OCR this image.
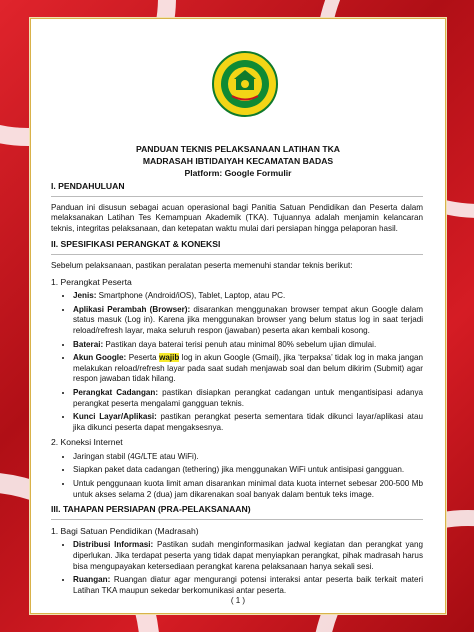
PANDUAN TEKNIS PELAKSANAAN LATIHAN TKA
MADRASAH IBTIDAIYAH KECAMATAN BADAS
Platform: Google Formulir
I. PENDAHULUAN
Panduan ini disusun sebagai acuan operasional bagi Panitia Satuan Pendidikan dan Peserta dalam melaksanakan Latihan Tes Kemampuan Akademik (TKA). Tujuannya adalah menjamin kelancaran teknis, integritas pelaksanaan, dan ketepatan waktu mulai dari persiapan hingga pelaporan hasil.
II. SPESIFIKASI PERANGKAT & KONEKSI
Sebelum pelaksanaan, pastikan peralatan peserta memenuhi standar teknis berikut:
1. Perangkat Peserta
• Jenis: Smartphone (Android/iOS), Tablet, Laptop, atau PC.
• Aplikasi Perambah (Browser): disarankan menggunakan browser tempat akun Google dalam status masuk (Log in). Karena jika menggunakan browser yang belum status log in saat terjadi reload/refresh layar, maka seluruh respon (jawaban) peserta akan kembali kosong.
• Baterai: Pastikan daya baterai terisi penuh atau minimal 80% sebelum ujian dimulai.
• Akun Google: Peserta wajib log in akun Google (Gmail), jika ‘terpaksa’ tidak log in maka jangan melakukan reload/refresh layar pada saat sudah menjawab soal dan belum dikirim (Submit) agar respon jawaban tidak hilang.
• Perangkat Cadangan: pastikan disiapkan perangkat cadangan untuk mengantisipasi adanya perangkat peserta mengalami gangguan teknis.
• Kunci Layar/Aplikasi: pastikan perangkat peserta sementara tidak dikunci layar/aplikasi atau jika dikunci peserta dapat mengaksesnya.
2. Koneksi Internet
• Jaringan stabil (4G/LTE atau WiFi).
• Siapkan paket data cadangan (tethering) jika menggunakan WiFi untuk antisipasi gangguan.
• Untuk penggunaan kuota limit aman disarankan minimal data kuota internet sebesar 200-500 Mb untuk akses selama 2 (dua) jam dikarenakan soal banyak dalam bentuk teks image.
III. TAHAPAN PERSIAPAN (PRA-PELAKSANAAN)
1. Bagi Satuan Pendidikan (Madrasah)
• Distribusi Informasi: Pastikan sudah menginformasikan jadwal kegiatan dan perangkat yang diperlukan. Jika terdapat peserta yang tidak dapat menyiapkan perangkat, pihak madrasah harus bisa mengupayakan ketersediaan perangkat karena pelaksanaan hanya sekali sesi.
• Ruangan: Ruangan diatur agar mengurangi potensi interaksi antar peserta baik terkait materi Latihan TKA maupun sekedar berkomunikasi antar peserta.
( 1 )
